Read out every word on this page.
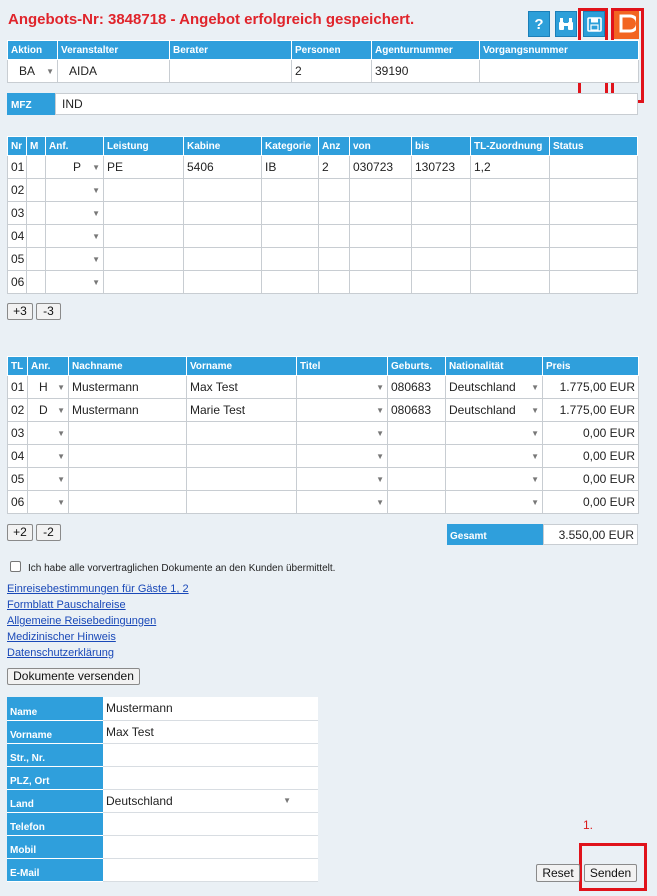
Angebots-Nr: 3848718 - Angebot erfolgreich gespeichert.	?
1.
Aktion	Veranstalter	Berater	Personen	Agenturnummer	Vorgangsnummer

BA ▼	AIDA		2	39190	
MFZ	IND
Nr	M	Anf.	Leistung	Kabine	Kategorie	Anz	von	bis	TL-Zuordnung	Status
01		P ▼	PE	5406	IB	2	030723	130723	1,2	
02		▼								

03		▼								

04		▼								

05		▼								

06		▼								

+3	-3
TL	Anr.	Nachname	Vorname	Titel	Geburts.	Nationalität	Preis
01	H ▼	Mustermann	Max Test	▼	080683	Deutschland ▼	1.775,00 EUR
02	D ▼	Mustermann	Marie Test	▼	080683	Deutschland ▼	1.775,00 EUR
03	▼			▼		▼	0,00 EUR
04	▼			▼		▼	0,00 EUR
05	▼			▼		▼	0,00 EUR
06	▼			▼		▼	0,00 EUR
+2	-2	Gesamt	3.550,00 EUR
Ich habe alle vorvertraglichen Dokumente an den Kunden übermittelt.
Einreisebestimmungen für Gäste 1, 2
Formblatt Pauschalreise
Allgemeine Reisebedingungen
Medizinischer Hinweis
Datenschutzerklärung
Dokumente versenden
Name	Mustermann
Vorname	Max Test
Str., Nr.	
PLZ, Ort	
Land	Deutschland ▼

Telefon	
Mobil	
E-Mail		Reset	Senden
